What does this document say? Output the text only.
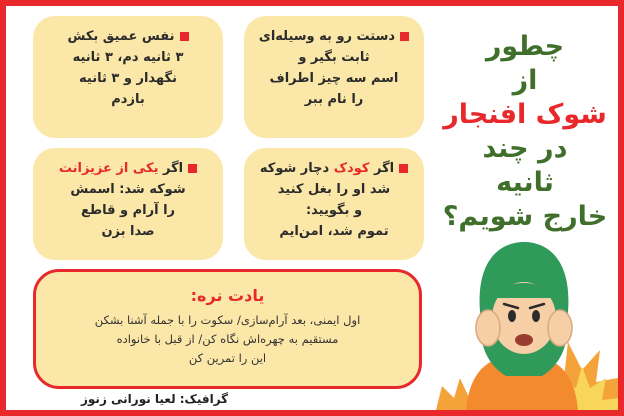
چطور
از
شوک افنجار
در چند
ثانیه
خارج شویم؟
دستت رو به وسیله‌ای
ثابت بگیر و
اسم سه چیز اطراف
را نام ببر
نفس عمیق بکش
۳ ثانیه دم، ۳ ثانیه
نگهدار و ۳ ثانیه
بازدم
اگر کودک دچار شوکه
شد او را بغل کنید
و بگویید:
تموم شد، امن‌ایم
اگر یکی از عزیزانت
شوکه شد: اسمش
را آرام و قاطع
صدا بزن
یادت نره:
اول ایمنی، بعد آرام‌سازی/ سکوت را با جمله آشنا بشکن
مستقیم به چهره‌اش نگاه کن/ از قبل با خانواده
این را تمرین کن
گرافیک: لعیا نورانی زنوز
